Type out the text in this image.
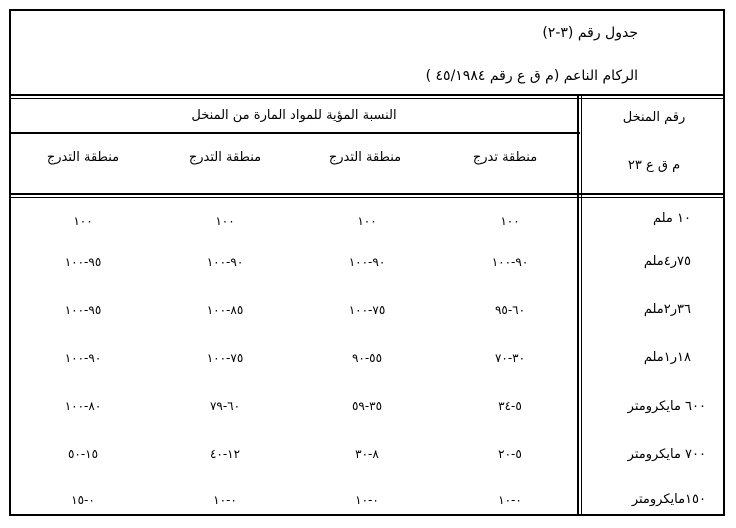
جدول رقم (٣-٢)
الركام الناعم (م ق ع رقم ٤٥/١٩٨٤ )
رقم المنخل
م ق ع ٢٣
النسبة المؤية للمواد المارة من المنخل
منطقة تدرج
منطقة التدرج
منطقة التدرج
منطقة التدرج
١٠ ملم
١٠٠
١٠٠
١٠٠
١٠٠
٧٥ر٤ملم
٩٠-١٠٠
٩٠-١٠٠
٩٠-١٠٠
٩٥-١٠٠
٣٦ر٢ملم
٦٠-٩٥
٧٥-١٠٠
٨٥-١٠٠
٩٥-١٠٠
١٨ر١ملم
٣٠-٧٠
٥٥-٩٠
٧٥-١٠٠
٩٠-١٠٠
٦٠٠ مايكرومتر
٥-٣٤
٣٥-٥٩
٦٠-٧٩
٨٠-١٠٠
٧٠٠ مايكرومتر
٥-٢٠
٨-٣٠
١٢-٤٠
١٥-٥٠
١٥٠مايكرومتر
٠-١٠
٠-١٠
٠-١٠
٠-١٥
